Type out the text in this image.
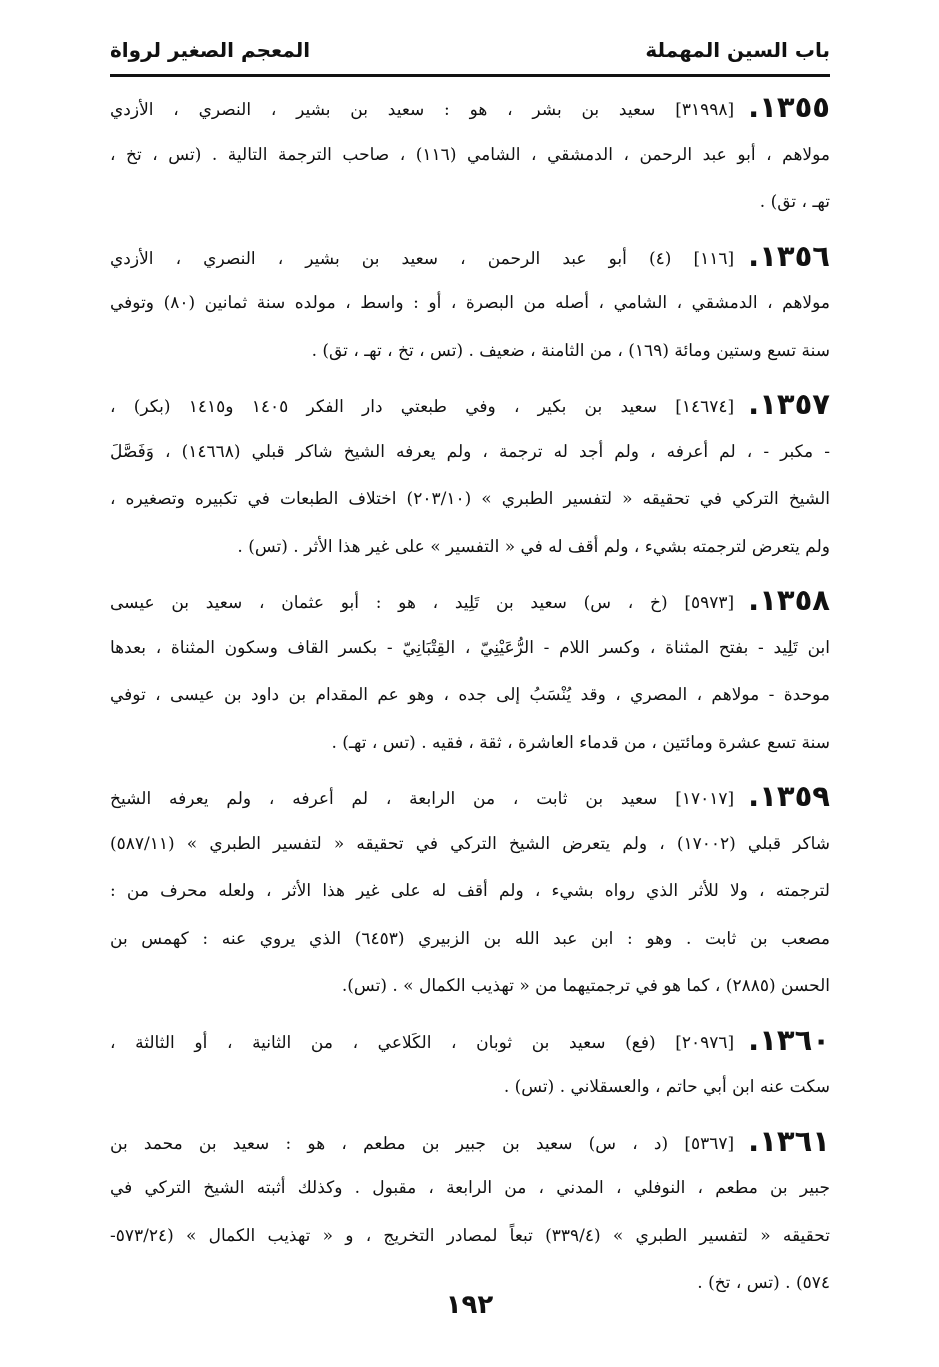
باب السين المهملة
المعجم الصغير لرواة
١٣٥٥.[٣١٩٩٨] سعيد بن بشر ، هو : سعيد بن بشير ، النصري ، الأزدي
مولاهم ، أبو عبد الرحمن ، الدمشقي ، الشامي (١١٦) ، صاحب الترجمة التالية . (تس ، تخ ،
تهـ ، تق) .
١٣٥٦.[١١٦] (٤) أبو عبد الرحمن ، سعيد بن بشير ، النصري ، الأزدي
مولاهم ، الدمشقي ، الشامي ، أصله من البصرة ، أو : واسط ، مولده سنة ثمانين (٨٠) وتوفي
سنة تسع وستين ومائة (١٦٩) ، من الثامنة ، ضعيف . (تس ، تخ ، تهـ ، تق) .
١٣٥٧.[١٤٦٧٤] سعيد بن بكير ، وفي طبعتي دار الفكر ١٤٠٥ و١٤١٥ (بكر) ،
- مكبر - ، لم أعرفه ، ولم أجد له ترجمة ، ولم يعرفه الشيخ شاكر قبلي (١٤٦٦٨) ، وَفَصَّلَ
الشيخ التركي في تحقيقه « لتفسير الطبري » (٢٠٣/١٠) اختلاف الطبعات في تكبيره وتصغيره ،
ولم يتعرض لترجمته بشيء ، ولم أقف له في « التفسير » على غير هذا الأثر . (تس) .
١٣٥٨.[٥٩٧٣] (خ ، س) سعيد بن تَلِيد ، هو : أبو عثمان ، سعيد بن عيسى
ابن تَلِيد - بفتح المثناة ، وكسر اللام - الرُّعَيْنِيّ ، القِتْبَانِيّ - بكسر القاف وسكون المثناة ، بعدها
موحدة - مولاهم ، المصري ، وقد يُنْسَبُ إلى جده ، وهو عم المقدام بن داود بن عيسى ، توفي
سنة تسع عشرة ومائتين ، من قدماء العاشرة ، ثقة ، فقيه . (تس ، تهـ) .
١٣٥٩.[١٧٠١٧] سعيد بن ثابت ، من الرابعة ، لم أعرفه ، ولم يعرفه الشيخ
شاكر قبلي (١٧٠٠٢) ، ولم يتعرض الشيخ التركي في تحقيقه « لتفسير الطبري » (٥٨٧/١١)
لترجمته ، ولا للأثر الذي رواه بشيء ، ولم أقف له على غير هذا الأثر ، ولعله محرف من :
مصعب بن ثابت . وهو : ابن عبد الله بن الزبيري (٦٤٥٣) الذي يروي عنه : كهمس بن
الحسن (٢٨٨٥) ، كما هو في ترجمتيهما من « تهذيب الكمال » . (تس).
١٣٦٠.[٢٠٩٧٦] (فع) سعيد بن ثوبان ، الكَلاعي ، من الثانية ، أو الثالثة ،
سكت عنه ابن أبي حاتم ، والعسقلاني . (تس) .
١٣٦١.[٥٣٦٧] (د ، س) سعيد بن جبير بن مطعم ، هو : سعيد بن محمد بن
جبير بن مطعم ، النوفلي ، المدني ، من الرابعة ، مقبول . وكذلك أثبته الشيخ التركي في
تحقيقه « لتفسير الطبري » (٣٣٩/٤) تبعاً لمصادر التخريج ، و « تهذيب الكمال » (٥٧٣/٢٤-
٥٧٤) . (تس ، تخ) .
١٩٢
